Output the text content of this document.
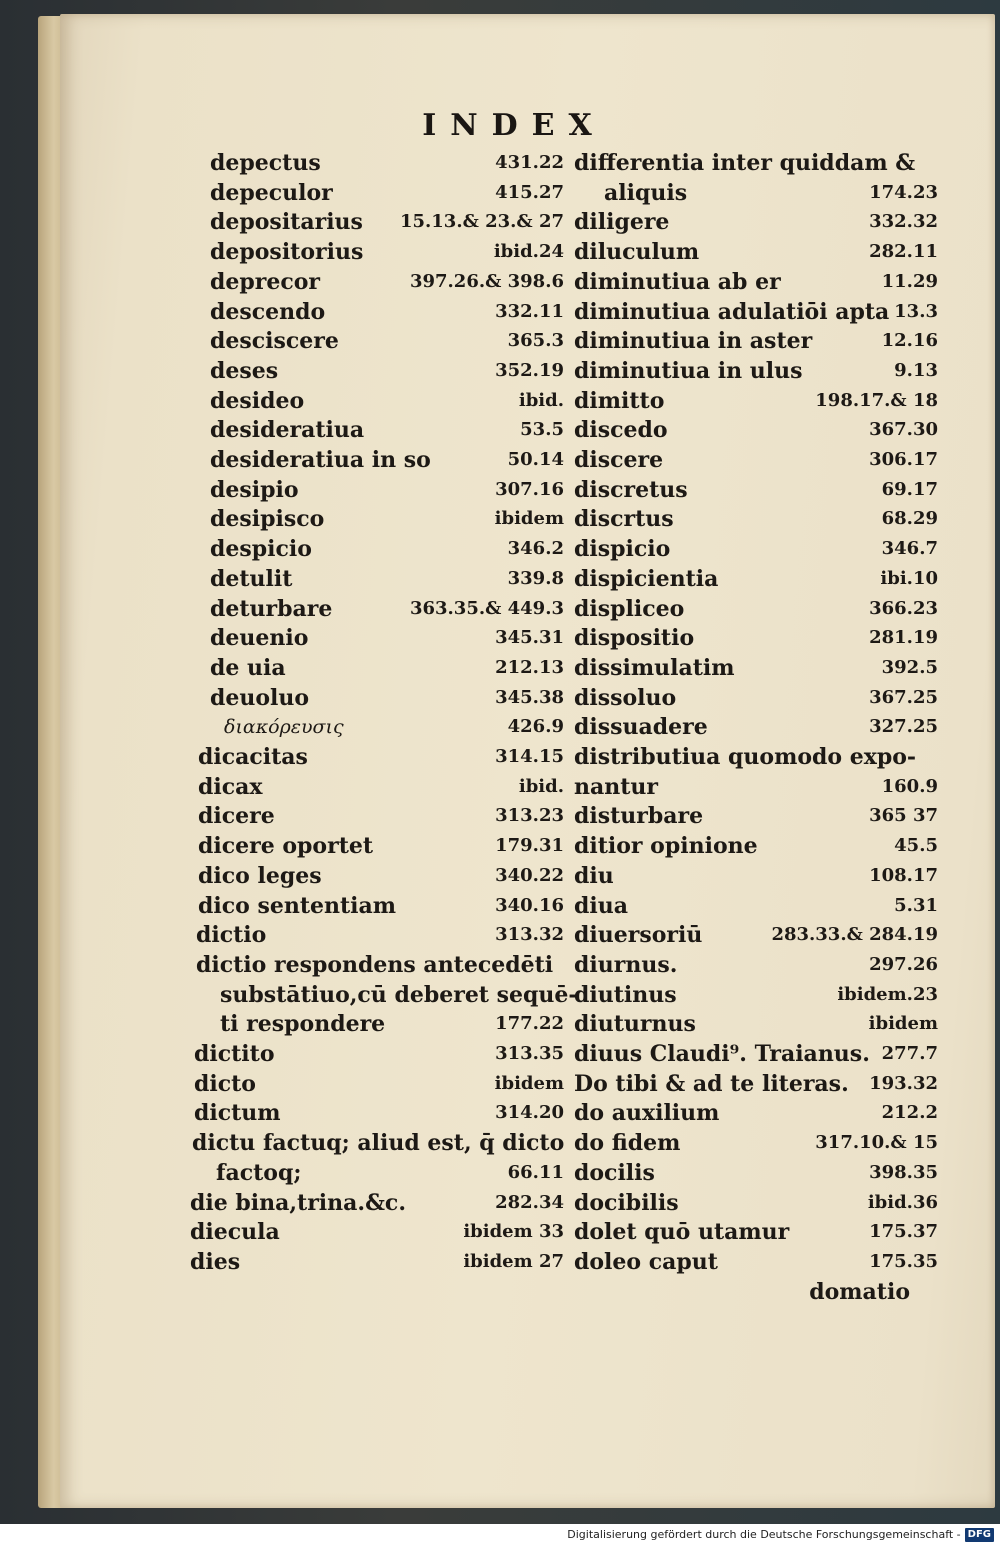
INDEX
depectus	431.22
depeculor	415.27
depositarius	15.13.& 23.& 27
depositorius	ibid.24
deprecor	397.26.& 398.6
descendo	332.11
desciscere	365.3
deses	352.19
desideo	ibid.
desideratiua	53.5
desideratiua in so	50.14
desipio	307.16
desipisco	ibidem
despicio	346.2
detulit	339.8
deturbare	363.35.& 449.3
deuenio	345.31
de uia	212.13
deuoluo	345.38
διακόρευσις	426.9
dicacitas	314.15
dicax	ibid.
dicere	313.23
dicere oportet	179.31
dico leges	340.22
dico sententiam	340.16
dictio	313.32
dictio respondens antecedēti
substātiuo,cū deberet sequē-
ti respondere	177.22
dictito	313.35
dicto	ibidem
dictum	314.20
dictu factuq; aliud est, q̄ dicto
factoq;	66.11
die bina,trina.&c.	282.34
diecula	ibidem 33
dies	ibidem 27
differentia inter quiddam &
aliquis	174.23
diligere	332.32
diluculum	282.11
diminutiua ab er	11.29
diminutiua adulatiōi apta 13.3
diminutiua in aster	12.16
diminutiua in ulus	9.13
dimitto	198.17.& 18
discedo	367.30
discere	306.17
discretus	69.17
discrtus	68.29
dispicio	346.7
dispicientia	ibi.10
displiceo	366.23
dispositio	281.19
dissimulatim	392.5
dissoluo	367.25
dissuadere	327.25
distributiua quomodo expo-
nantur	160.9
disturbare	365 37
ditior opinione	45.5
diu	108.17
diua	5.31
diuersoriū	283.33.& 284.19
diurnus.	297.26
diutinus	ibidem.23
diuturnus	ibidem
diuus Claudi⁹. Traianus. 277.7
Do tibi & ad te literas. 193.32
do auxilium	212.2
do fidem	317.10.& 15
docilis	398.35
docibilis	ibid.36
dolet quō utamur	175.37
doleo caput	175.35
domatio
Digitalisierung gefördert durch die Deutsche Forschungsgemeinschaft - DFG
